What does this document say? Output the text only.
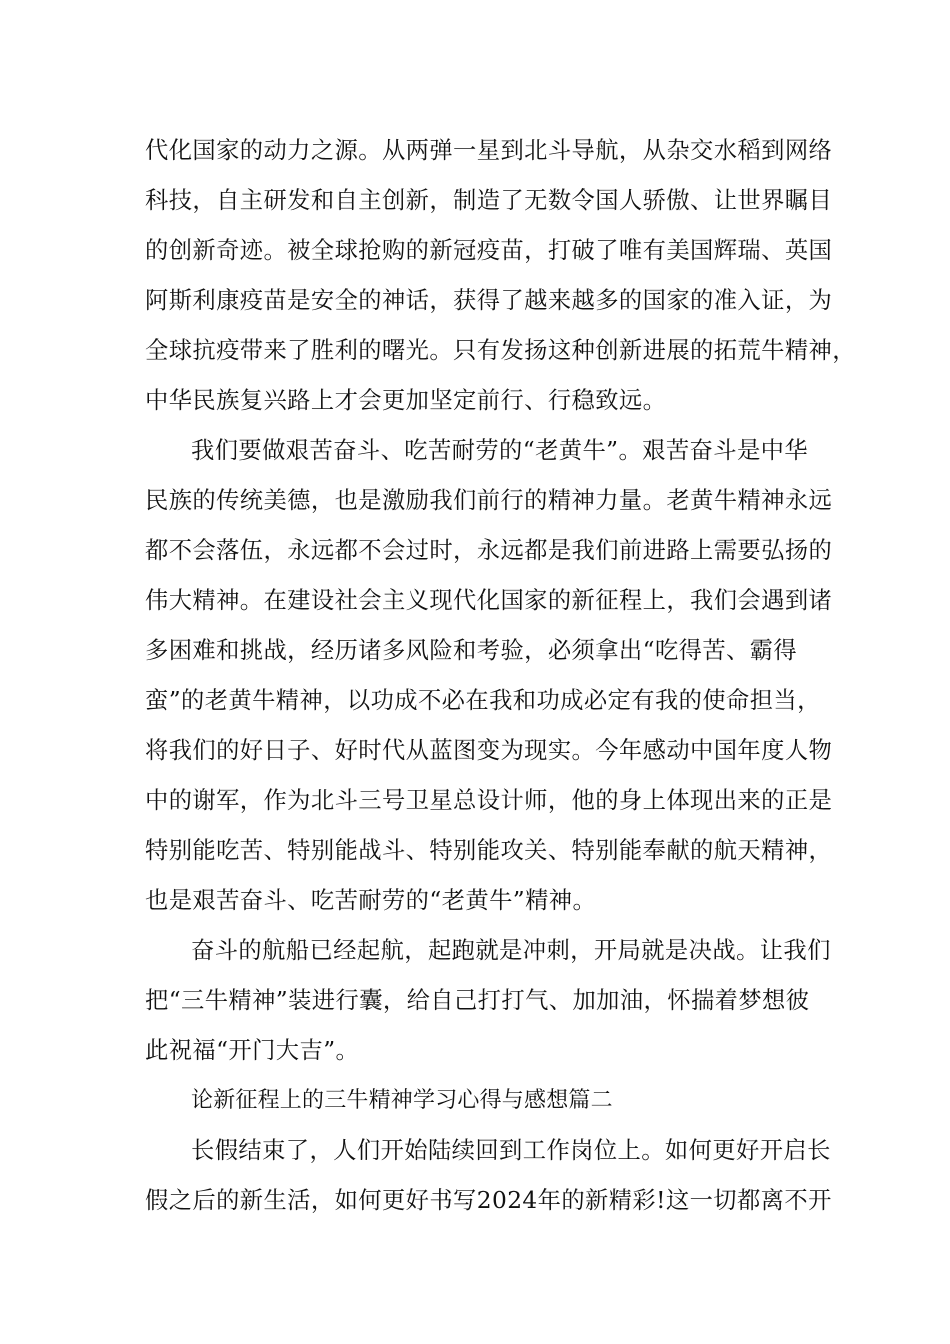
代化国家的动力之源。从两弹一星到北斗导航，从杂交水稻到网络
科技，自主研发和自主创新，制造了无数令国人骄傲、让世界瞩目
的创新奇迹。被全球抢购的新冠疫苗，打破了唯有美国辉瑞、英国
阿斯利康疫苗是安全的神话，获得了越来越多的国家的准入证，为
全球抗疫带来了胜利的曙光。只有发扬这种创新进展的拓荒牛精神，
中华民族复兴路上才会更加坚定前行、行稳致远。
我们要做艰苦奋斗、吃苦耐劳的“老黄牛”。艰苦奋斗是中华
民族的传统美德，也是激励我们前行的精神力量。老黄牛精神永远
都不会落伍，永远都不会过时，永远都是我们前进路上需要弘扬的
伟大精神。在建设社会主义现代化国家的新征程上，我们会遇到诸
多困难和挑战，经历诸多风险和考验，必须拿出“吃得苦、霸得
蛮”的老黄牛精神，以功成不必在我和功成必定有我的使命担当，
将我们的好日子、好时代从蓝图变为现实。今年感动中国年度人物
中的谢军，作为北斗三号卫星总设计师，他的身上体现出来的正是
特别能吃苦、特别能战斗、特别能攻关、特别能奉献的航天精神，
也是艰苦奋斗、吃苦耐劳的“老黄牛”精神。
奋斗的航船已经起航，起跑就是冲刺，开局就是决战。让我们
把“三牛精神”装进行囊，给自己打打气、加加油，怀揣着梦想彼
此祝福“开门大吉”。
论新征程上的三牛精神学习心得与感想篇二
长假结束了，人们开始陆续回到工作岗位上。如何更好开启长
假之后的新生活，如何更好书写2024年的新精彩!这一切都离不开
